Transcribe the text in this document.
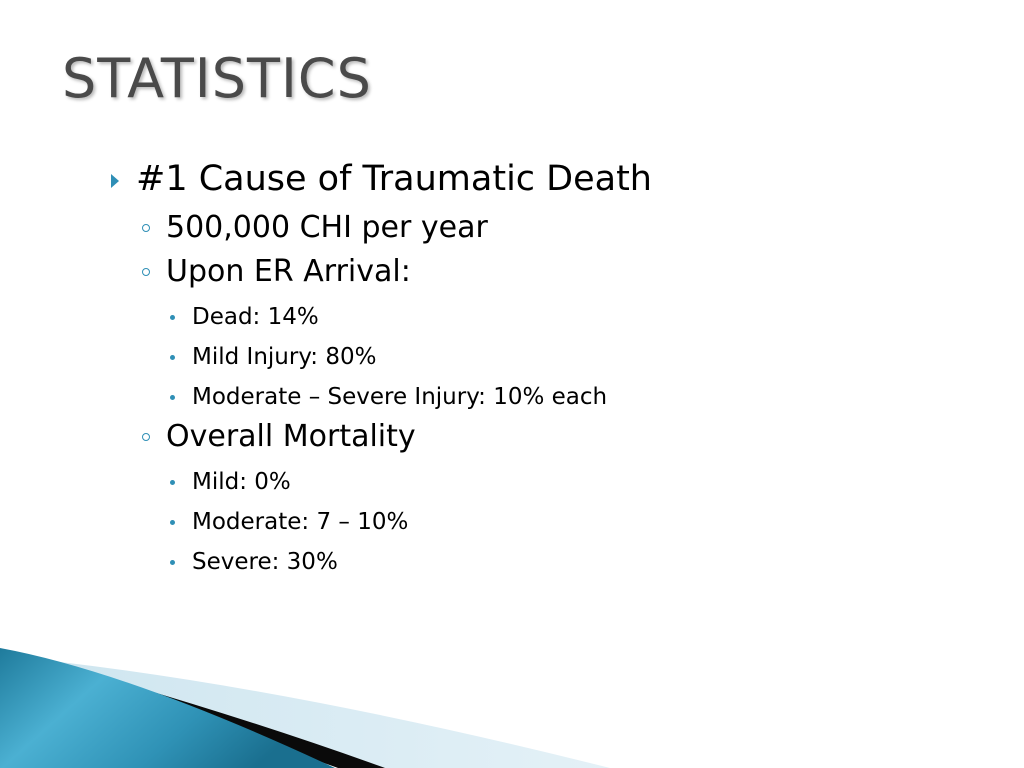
STATISTICS
#1 Cause of Traumatic Death
500,000 CHI per year
Upon ER Arrival:
Dead: 14%
Mild Injury: 80%
Moderate – Severe Injury: 10% each
Overall Mortality
Mild: 0%
Moderate: 7 – 10%
Severe: 30%
